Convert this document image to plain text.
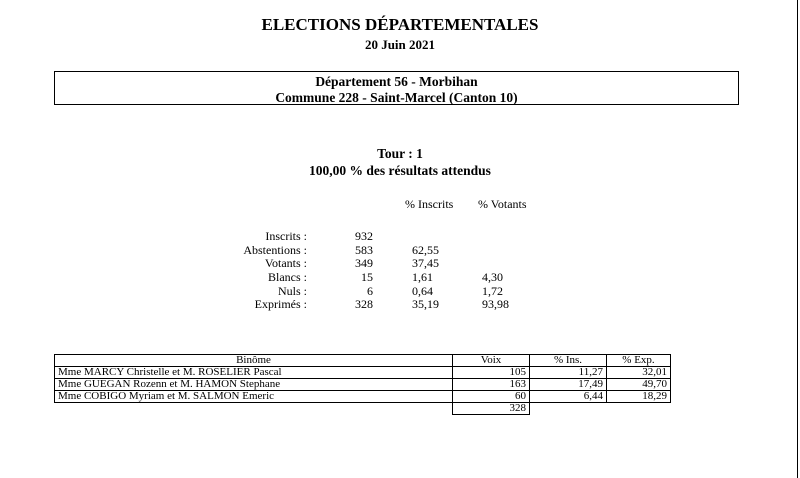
ELECTIONS DÉPARTEMENTALES
20 Juin 2021
Département 56 - Morbihan
Commune 228 - Saint-Marcel (Canton 10)
Tour : 1
100,00 % des résultats attendus
% Inscrits % Votants
Inscrits :	932
Abstentions :	583	62,55
Votants :	349	37,45
Blancs :	15	1,61	4,30
Nuls :	6	0,64	1,72
Exprimés :	328	35,19	93,98
Binôme	Voix	% Ins.	% Exp.
Mme MARCY Christelle et M. ROSELIER Pascal	105	11,27	32,01
Mme GUEGAN Rozenn et M. HAMON Stephane	163	17,49	49,70
Mme COBIGO Myriam et M. SALMON Emeric	60	6,44	18,29
	328		
